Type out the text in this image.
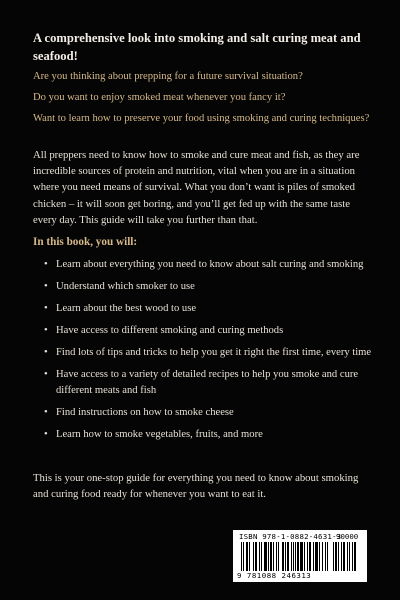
A comprehensive look into smoking and salt curing meat and seafood!
Are you thinking about prepping for a future survival situation?
Do you want to enjoy smoked meat whenever you fancy it?
Want to learn how to preserve your food using smoking and curing techniques?
All preppers need to know how to smoke and cure meat and fish, as they are incredible sources of protein and nutrition, vital when you are in a situation where you need means of survival. What you don’t want is piles of smoked chicken – it will soon get boring, and you’ll get fed up with the same taste every day. This guide will take you further than that.
In this book, you will:
• Learn about everything you need to know about salt curing and smoking
• Understand which smoker to use
• Learn about the best wood to use
• Have access to different smoking and curing methods
• Find lots of tips and tricks to help you get it right the first time, every time
• Have access to a variety of detailed recipes to help you smoke and cure different meats and fish
• Find instructions on how to smoke cheese
• Learn how to smoke vegetables, fruits, and more
This is your one-stop guide for everything you need to know about smoking and curing food ready for whenever you want to eat it.
ISBN 978-1-0882-4631-3
90000
9 781088 246313
